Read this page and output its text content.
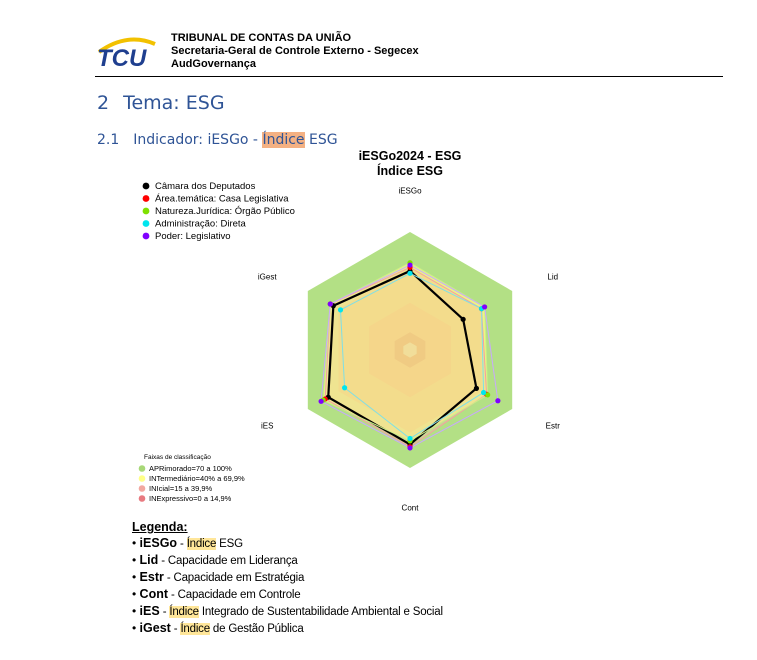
TCU
TRIBUNAL DE CONTAS DA UNIÃO
Secretaria-Geral de Controle Externo - Segecex
AudGovernança
2 Tema: ESG
2.1 Indicador: iESGo - Índice ESG
iESGo
Lid
Estr
Cont
iES
iGest
iESGo2024 - ESG
Índice ESG
Câmara dos Deputados
Área.temática: Casa Legislativa
Natureza.Jurídica: Órgão Público
Administração: Direta
Poder: Legislativo
Faixas de classificação
APRimorado=70 a 100%
INTermediário=40% a 69,9%
INIcial=15 a 39,9%
INExpressivo=0 a 14,9%
Legenda:
• iESGo - Índice ESG
• Lid - Capacidade em Liderança
• Estr - Capacidade em Estratégia
• Cont - Capacidade em Controle
• iES - Índice Integrado de Sustentabilidade Ambiental e Social
• iGest - Índice de Gestão Pública
